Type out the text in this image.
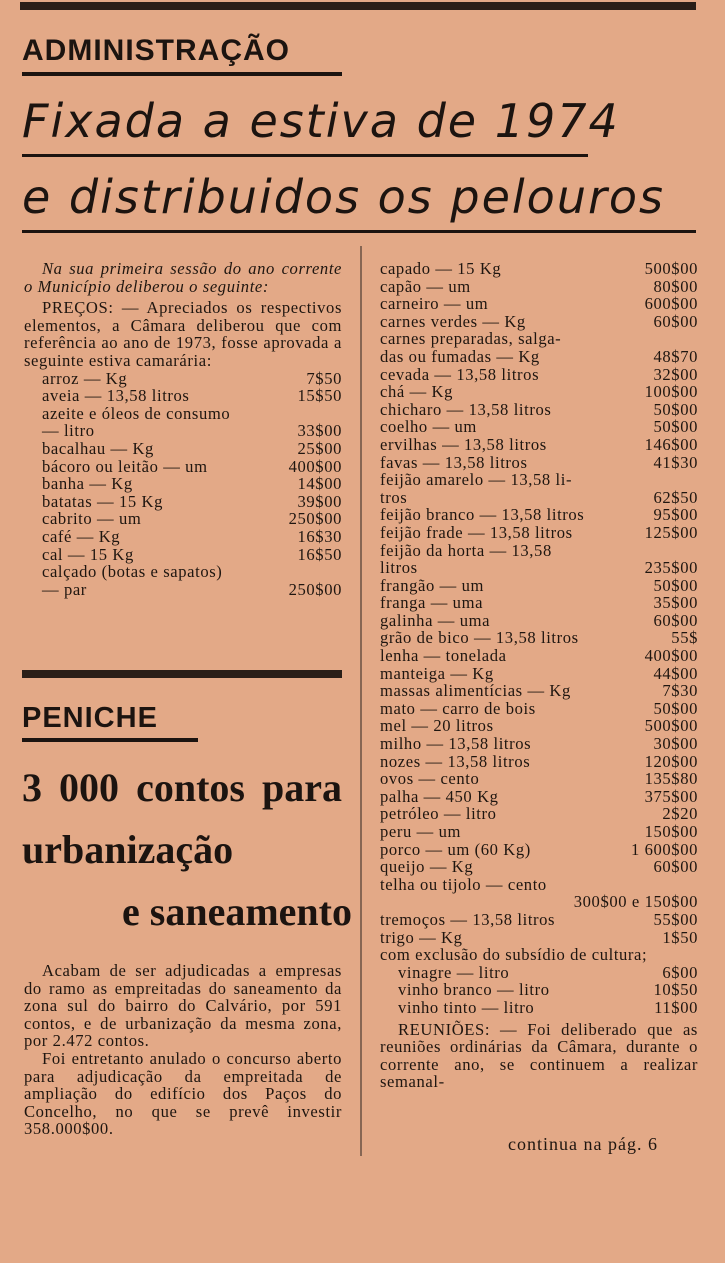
ADMINISTRAÇÃO
Fixada a estiva de 1974
e distribuidos os pelouros

Na sua primeira sessão do ano corrente o Município deliberou o seguinte:

PREÇOS: — Apreciados os respectivos elementos, a Câmara deliberou que com referência ao ano de 1973, fosse aprovada a seguinte estiva camarária:

arroz — Kg	7$50
aveia — 13,58 litros	15$50
azeite e óleos de consumo
— litro	33$00
bacalhau — Kg	25$00
bácoro ou leitão — um	400$00
banha — Kg	14$00
batatas — 15 Kg	39$00
cabrito — um	250$00
café — Kg	16$30
cal — 15 Kg	16$50
calçado (botas e sapatos)
— par	250$00
PENICHE
3 000 contos para
urbanização
e saneamento

Acabam de ser adjudicadas a empresas do ramo as empreitadas do saneamento da zona sul do bairro do Calvário, por 591 contos, e de urbanização da mesma zona, por 2.472 contos.

Foi entretanto anulado o concurso aberto para adjudicação da empreitada de ampliação do edifício dos Paços do Concelho, no que se prevê investir 358.000$00.

capado — 15 Kg	500$00
capão — um	80$00
carneiro — um	600$00
carnes verdes — Kg	60$00
carnes preparadas, salga-
das ou fumadas — Kg	48$70
cevada — 13,58 litros	32$00
chá — Kg	100$00
chicharo — 13,58 litros	50$00
coelho — um	50$00
ervilhas — 13,58 litros	146$00
favas — 13,58 litros	41$30
feijão amarelo — 13,58 li-
tros	62$50
feijão branco — 13,58 litros	95$00
feijão frade — 13,58 litros	125$00
feijão da horta — 13,58
litros	235$00
frangão — um	50$00
franga — uma	35$00
galinha — uma	60$00
grão de bico — 13,58 litros	55$
lenha — tonelada	400$00
manteiga — Kg	44$00
massas alimentícias — Kg	7$30
mato — carro de bois	50$00
mel — 20 litros	500$00
milho — 13,58 litros	30$00
nozes — 13,58 litros	120$00
ovos — cento	135$80
palha — 450 Kg	375$00
petróleo — litro	2$20
peru — um	150$00
porco — um (60 Kg)	1 600$00
queijo — Kg	60$00
telha ou tijolo — cento
300$00 e 150$00
tremoços — 13,58 litros	55$00
trigo — Kg	1$50

com exclusão do subsídio de cultura;

vinagre — litro	6$00
vinho branco — litro	10$50
vinho tinto — litro	11$00

REUNIÕES: — Foi deliberado que as reuniões ordinárias da Câmara, durante o corrente ano, se continuem a realizar semanal-

continua na pág. 6
